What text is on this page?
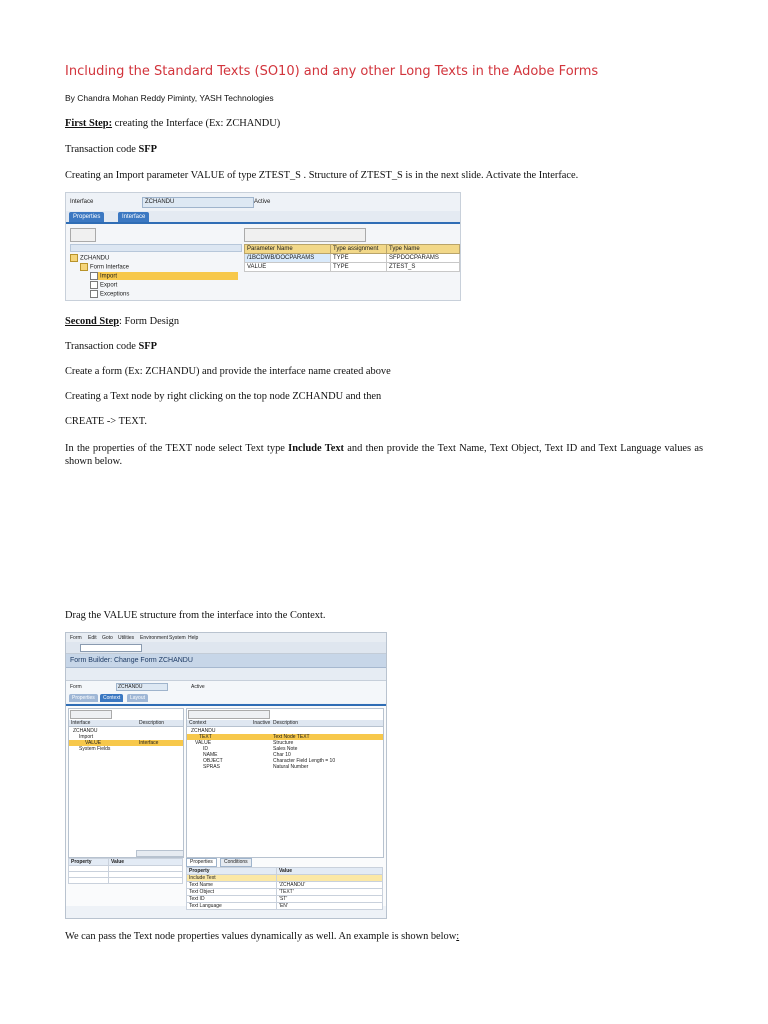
Including the Standard Texts (SO10) and any other Long Texts in the Adobe Forms
By Chandra Mohan Reddy Piminty, YASH Technologies
First Step: creating the Interface (Ex: ZCHANDU)
Transaction code SFP
Creating an Import parameter VALUE of type ZTEST_S . Structure of ZTEST_S is in the next slide. Activate the Interface.
Interface	ZCHANDU	Active
Properties	Interface
ZCHANDU
Form Interface
Import
Export
Exceptions
Parameter Name	Type assignment	Type Name
/1BCDWB/DOCPARAMS	TYPE	SFPDOCPARAMS
VALUE	TYPE	ZTEST_S
Second Step: Form Design
Transaction code SFP
Create a form (Ex: ZCHANDU) and provide the interface name created above
Creating a Text node by right clicking on the top node ZCHANDU and then
CREATE -> TEXT.
In the properties of the TEXT node select Text type Include Text and then provide the Text Name, Text Object, Text ID and Text Language values as shown below.
Drag the VALUE structure from the interface into the Context.
Form Edit Goto Utilities Environment System Help
Form Builder: Change Form ZCHANDU
Form	ZCHANDU	Active
Properties	Context	Layout
Interface	Description
ZCHANDU
Import
VALUE	Interface
System Fields
Context	Inactive Description
ZCHANDU
TEXT	Text Node TEXT
VALUE	Structure
ID	Sales Note
NAME	Char 10
OBJECT	Character Field Length = 10
SPRAS	Natural Number
Property	Value

		Properties	Conditions
Property	Value
Include Text	
Text Name	'ZCHANDU'
Text Object	'TEXT'
Text ID	'ST'
Text Language	'EN'
We can pass the Text node properties values dynamically as well. An example is shown below:
